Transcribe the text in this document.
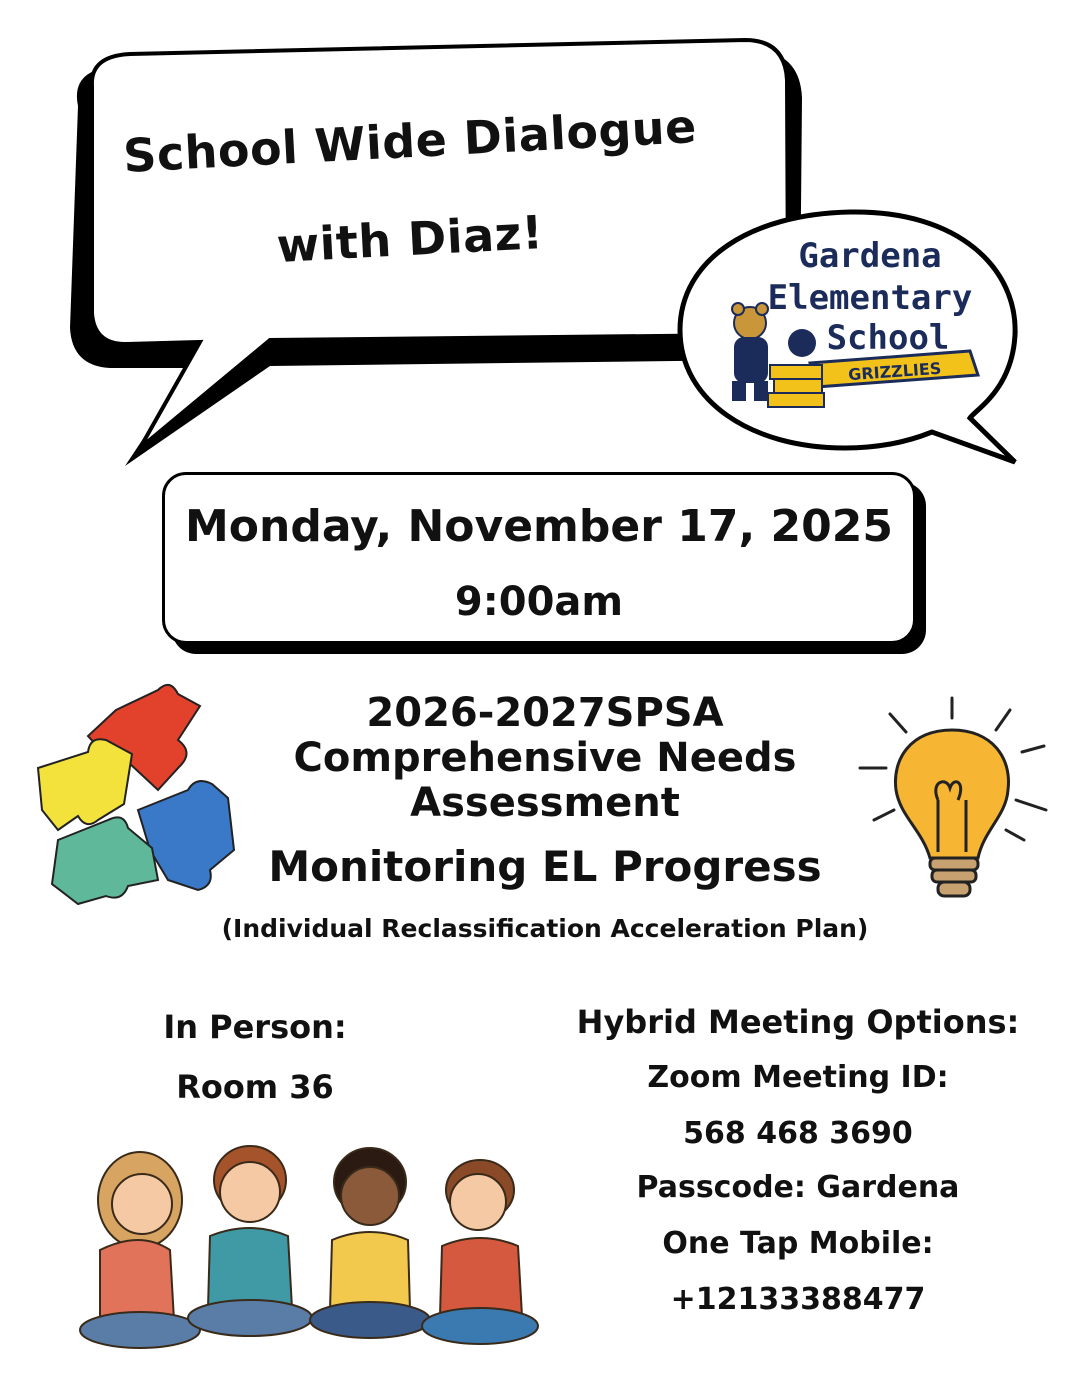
School Wide Dialogue
with Diaz!	Gardena
Elementary
School
GRIZZLIES
Monday, November 17, 2025
9:00am
2026-2027SPSA
Comprehensive Needs
Assessment
Monitoring EL Progress
(Individual Reclassification Acceleration Plan)
In Person:
Room 36
Hybrid Meeting Options:
Zoom Meeting ID:
568 468 3690
Passcode: Gardena
One Tap Mobile:
+12133388477
